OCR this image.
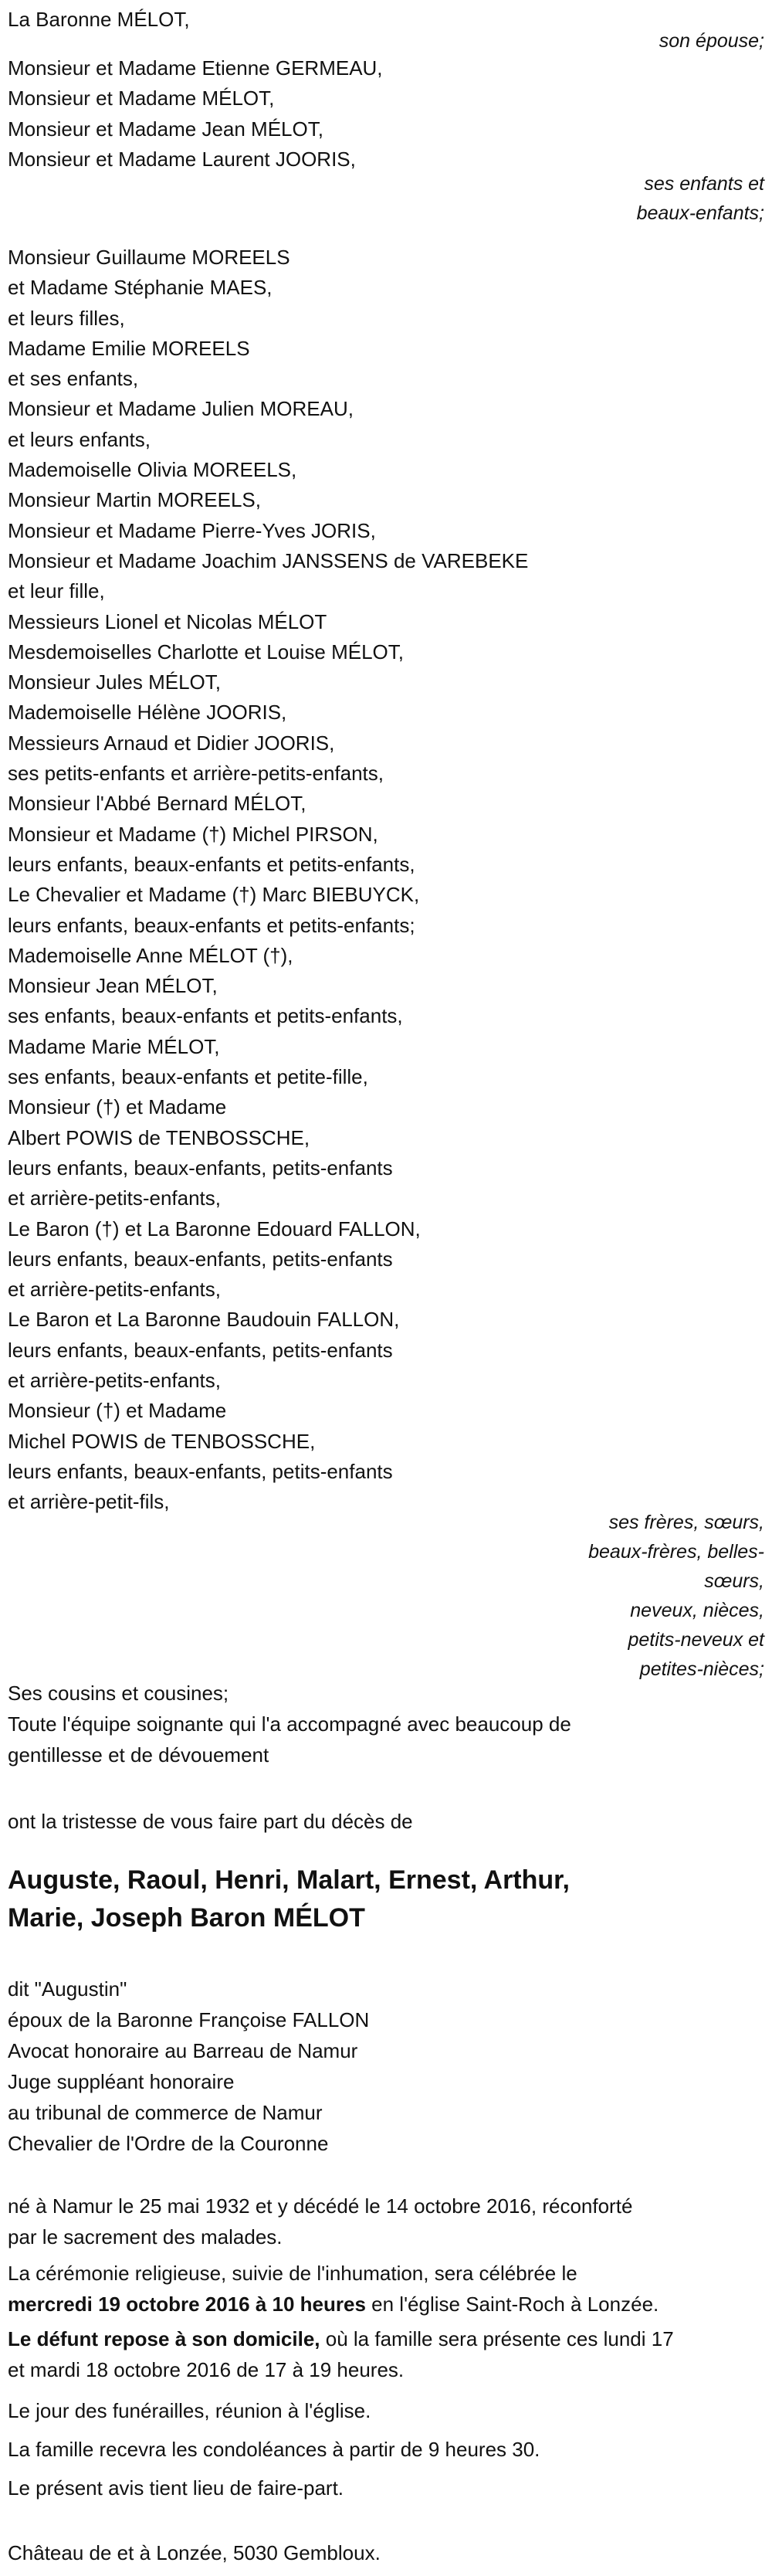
La Baronne MÉLOT,
son épouse;
Monsieur et Madame Etienne GERMEAU,
Monsieur et Madame MÉLOT,
Monsieur et Madame Jean MÉLOT,
Monsieur et Madame Laurent JOORIS,
ses enfants et
beaux-enfants;
Monsieur Guillaume MOREELS
et Madame Stéphanie MAES,
et leurs filles,
Madame Emilie MOREELS
et ses enfants,
Monsieur et Madame Julien MOREAU,
et leurs enfants,
Mademoiselle Olivia MOREELS,
Monsieur Martin MOREELS,
Monsieur et Madame Pierre-Yves JORIS,
Monsieur et Madame Joachim JANSSENS de VAREBEKE
et leur fille,
Messieurs Lionel et Nicolas MÉLOT
Mesdemoiselles Charlotte et Louise MÉLOT,
Monsieur Jules MÉLOT,
Mademoiselle Hélène JOORIS,
Messieurs Arnaud et Didier JOORIS,
ses petits-enfants et arrière-petits-enfants,
Monsieur l'Abbé Bernard MÉLOT,
Monsieur et Madame (†) Michel PIRSON,
leurs enfants, beaux-enfants et petits-enfants,
Le Chevalier et Madame (†) Marc BIEBUYCK,
leurs enfants, beaux-enfants et petits-enfants;
Mademoiselle Anne MÉLOT (†),
Monsieur Jean MÉLOT,
ses enfants, beaux-enfants et petits-enfants,
Madame Marie MÉLOT,
ses enfants, beaux-enfants et petite-fille,
Monsieur (†) et Madame
Albert POWIS de TENBOSSCHE,
leurs enfants, beaux-enfants, petits-enfants
et arrière-petits-enfants,
Le Baron (†) et La Baronne Edouard FALLON,
leurs enfants, beaux-enfants, petits-enfants
et arrière-petits-enfants,
Le Baron et La Baronne Baudouin FALLON,
leurs enfants, beaux-enfants, petits-enfants
et arrière-petits-enfants,
Monsieur (†) et Madame
Michel POWIS de TENBOSSCHE,
leurs enfants, beaux-enfants, petits-enfants
et arrière-petit-fils,
ses frères, sœurs,
beaux-frères, belles-
sœurs,
neveux, nièces,
petits-neveux et
petites-nièces;
Ses cousins et cousines;
Toute l'équipe soignante qui l'a accompagné avec beaucoup de
gentillesse et de dévouement
ont la tristesse de vous faire part du décès de
Auguste, Raoul, Henri, Malart, Ernest, Arthur,
Marie, Joseph Baron MÉLOT
dit "Augustin"
époux de la Baronne Françoise FALLON
Avocat honoraire au Barreau de Namur
Juge suppléant honoraire
au tribunal de commerce de Namur
Chevalier de l'Ordre de la Couronne
né à Namur le 25 mai 1932 et y décédé le 14 octobre 2016, réconforté
par le sacrement des malades.
La cérémonie religieuse, suivie de l'inhumation, sera célébrée le
mercredi 19 octobre 2016 à 10 heures en l'église Saint-Roch à Lonzée.
Le défunt repose à son domicile, où la famille sera présente ces lundi 17
et mardi 18 octobre 2016 de 17 à 19 heures.
Le jour des funérailles, réunion à l'église.
La famille recevra les condoléances à partir de 9 heures 30.
Le présent avis tient lieu de faire-part.
Château de et à Lonzée, 5030 Gembloux.
